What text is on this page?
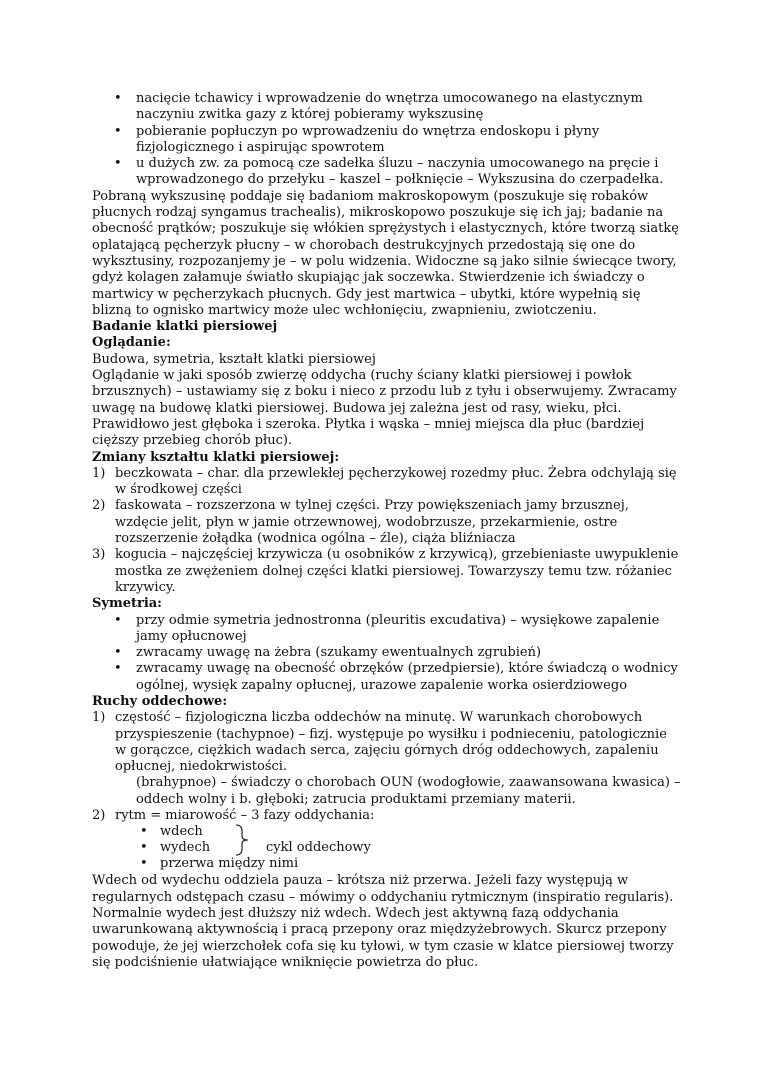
• nacięcie tchawicy i wprowadzenie do wnętrza umocowanego na elastycznym naczyniu zwitka gazy z której pobieramy wykszusinę
• pobieranie popłuczyn po wprowadzeniu do wnętrza endoskopu i płyny fizjologicznego i aspirując spowrotem
• u dużych zw. za pomocą cze sadełka śluzu – naczynia umocowanego na pręcie i wprowadzonego do przełyku – kaszel – połknięcie – Wykszusina do czerpadełka.

Pobraną wykszusinę poddaje się badaniom makroskopowym (poszukuje się robaków płucnych rodzaj syngamus trachealis), mikroskopowo poszukuje się ich jaj; badanie na obecność prątków; poszukuje się włókien sprężystych i elastycznych, które tworzą siatkę oplatającą pęcherzyk płucny – w chorobach destrukcyjnych przedostają się one do wyksztusiny, rozpozanjemy je – w polu widzenia. Widoczne są jako silnie świecące twory, gdyż kolagen załamuje światło skupiając jak soczewka. Stwierdzenie ich świadczy o martwicy w pęcherzykach płucnych. Gdy jest martwica – ubytki, które wypełnią się blizną to ognisko martwicy może ulec wchłonięciu, zwapnieniu, zwiotczeniu.

Badanie klatki piersiowej

Oglądanie:

Budowa, symetria, kształt klatki piersiowej

Oglądanie w jaki sposób zwierzę oddycha (ruchy ściany klatki piersiowej i powłok brzusznych) – ustawiamy się z boku i nieco z przodu lub z tyłu i obserwujemy. Zwracamy uwagę na budowę klatki piersiowej. Budowa jej zależna jest od rasy, wieku, płci. Prawidłowo jest głęboka i szeroka. Płytka i wąska – mniej miejsca dla płuc (bardziej cięższy przebieg chorób płuc).

Zmiany kształtu klatki piersiowej:

1) beczkowata – char. dla przewlekłej pęcherzykowej rozedmy płuc. Żebra odchylają się w środkowej części
2) faskowata – rozszerzona w tylnej części. Przy powiększeniach jamy brzusznej, wzdęcie jelit, płyn w jamie otrzewnowej, wodobrzusze, przekarmienie, ostre rozszerzenie żołądka (wodnica ogólna – źle), ciąża bliźniacza
3) kogucia – najczęściej krzywicza (u osobników z krzywicą), grzebieniaste uwypuklenie mostka ze zwężeniem dolnej części klatki piersiowej. Towarzyszy temu tzw. różaniec krzywicy.

Symetria:

• przy odmie symetria jednostronna (pleuritis excudativa) – wysiękowe zapalenie jamy opłucnowej
• zwracamy uwagę na żebra (szukamy ewentualnych zgrubień)
• zwracamy uwagę na obecność obrzęków (przedpiersie), które świadczą o wodnicy ogólnej, wysięk zapalny opłucnej, urazowe zapalenie worka osierdziowego

Ruchy oddechowe:

1) częstość – fizjologiczna liczba oddechów na minutę. W warunkach chorobowych przyspieszenie (tachypnoe) – fizj. występuje po wysiłku i podnieceniu, patologicznie w gorączce, ciężkich wadach serca, zajęciu górnych dróg oddechowych, zapaleniu opłucnej, niedokrwistości.

(brahypnoe) – świadczy o chorobach OUN (wodogłowie, zaawansowana kwasica) – oddech wolny i b. głęboki; zatrucia produktami przemiany materii.

2) rytm = miarowość – 3 fazy oddychania:
• wdech
• wydech
• przerwa między nimi
cykl oddechowy

Wdech od wydechu oddziela pauza – krótsza niż przerwa. Jeżeli fazy występują w regularnych odstępach czasu – mówimy o oddychaniu rytmicznym (inspiratio regularis). Normalnie wydech jest dłuższy niż wdech. Wdech jest aktywną fazą oddychania uwarunkowaną aktywnością i pracą przepony oraz międzyżebrowych. Skurcz przepony powoduje, że jej wierzchołek cofa się ku tyłowi, w tym czasie w klatce piersiowej tworzy się podciśnienie ułatwiające wniknięcie powietrza do płuc.
